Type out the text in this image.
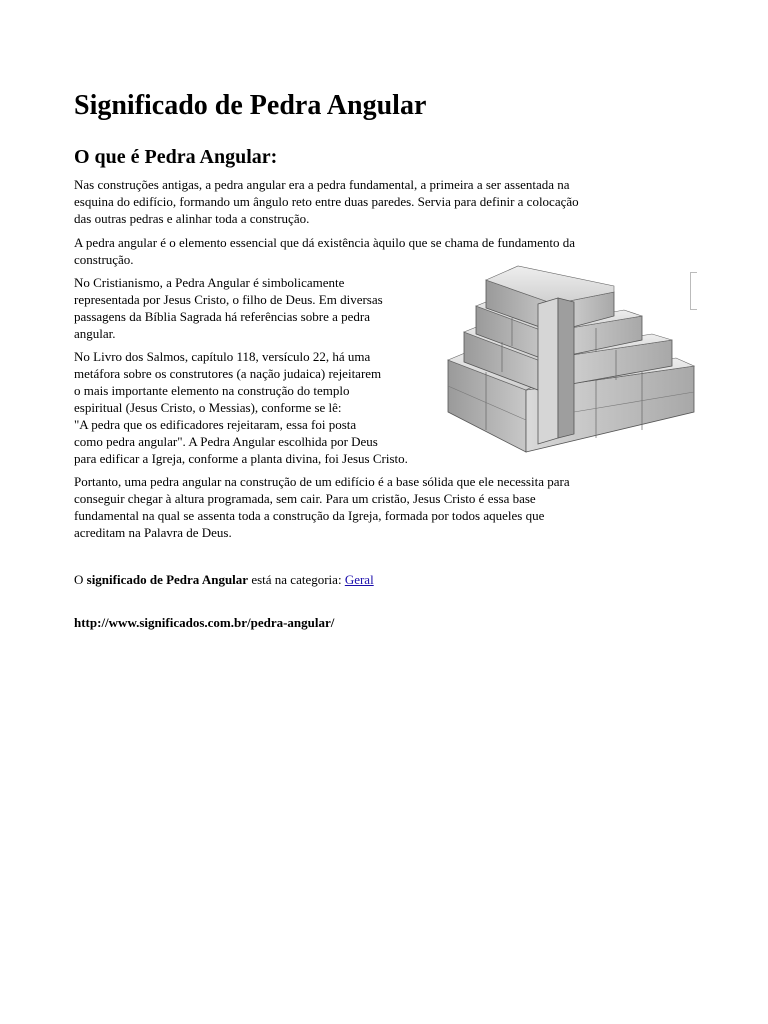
Significado de Pedra Angular
O que é Pedra Angular:
Nas construções antigas, a pedra angular era a pedra fundamental, a primeira a ser assentada na
esquina do edifício, formando um ângulo reto entre duas paredes. Servia para definir a colocação
das outras pedras e alinhar toda a construção.
A pedra angular é o elemento essencial que dá existência àquilo que se chama de fundamento da
construção.
No Cristianismo, a Pedra Angular é simbolicamente
representada por Jesus Cristo, o filho de Deus. Em diversas
passagens da Bíblia Sagrada há referências sobre a pedra
angular.
No Livro dos Salmos, capítulo 118, versículo 22, há uma
metáfora sobre os construtores (a nação judaica) rejeitarem
o mais importante elemento na construção do templo
espiritual (Jesus Cristo, o Messias), conforme se lê:
"A pedra que os edificadores rejeitaram, essa foi posta
como pedra angular". A Pedra Angular escolhida por Deus
para edificar a Igreja, conforme a planta divina, foi Jesus Cristo.
Portanto, uma pedra angular na construção de um edifício é a base sólida que ele necessita para
conseguir chegar à altura programada, sem cair. Para um cristão, Jesus Cristo é essa base
fundamental na qual se assenta toda a construção da Igreja, formada por todos aqueles que
acreditam na Palavra de Deus.
O significado de Pedra Angular está na categoria: Geral
http://www.significados.com.br/pedra-angular/
